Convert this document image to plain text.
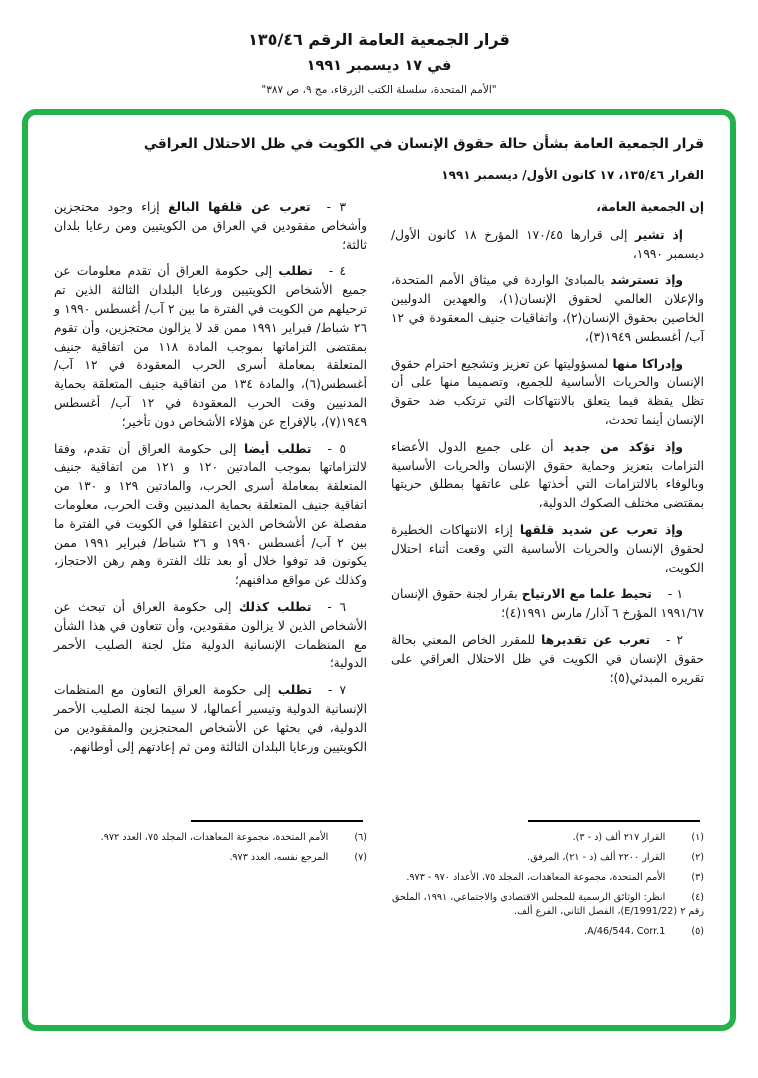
قرار الجمعية العامة الرقم ١٣٥/٤٦
في ١٧ ديسمبر ١٩٩١
"الأمم المتحدة، سلسلة الكتب الزرقاء، مج ٩، ص ٣٨٧"
قرار الجمعية العامة بشأن حالة حقوق الإنسان في الكويت في ظل الاحتلال العراقي
القرار ١٣٥/٤٦، ١٧ كانون الأول/ ديسمبر ١٩٩١

إن الجمعية العامة،

إذ تشير إلى قرارها ١٧٠/٤٥ المؤرخ ١٨ كانون الأول/ ديسمبر ١٩٩٠،

وإذ تسترشد بالمبادئ الواردة في ميثاق الأمم المتحدة، والإعلان العالمي لحقوق الإنسان(١)، والعهدين الدوليين الخاصين بحقوق الإنسان(٢)، واتفاقيات جنيف المعقودة في ١٢ آب/ أغسطس ١٩٤٩(٣)،

وإدراكا منها لمسؤوليتها عن تعزيز وتشجيع احترام حقوق الإنسان والحريات الأساسية للجميع، وتصميما منها على أن تظل يقظة فيما يتعلق بالانتهاكات التي ترتكب ضد حقوق الإنسان أينما تحدث،

وإذ تؤكد من جديد أن على جميع الدول الأعضاء التزامات بتعزيز وحماية حقوق الإنسان والحريات الأساسية وبالوفاء بالالتزامات التي أخذتها على عاتقها بمطلق حريتها بمقتضى مختلف الصكوك الدولية،

وإذ تعرب عن شديد قلقها إزاء الانتهاكات الخطيرة لحقوق الإنسان والحريات الأساسية التي وقعت أثناء احتلال الكويت،

١ -تحيط علما مع الارتياح بقرار لجنة حقوق الإنسان ١٩٩١/٦٧ المؤرخ ٦ آذار/ مارس ١٩٩١(٤)؛

٢ -تعرب عن تقديرها للمقرر الخاص المعني بحالة حقوق الإنسان في الكويت في ظل الاحتلال العراقي على تقريره المبدئي(٥)؛

(١)القرار ٢١٧ ألف (د - ٣).
(٢)القرار ٢٢٠٠ ألف (د - ٢١)، المرفق.
(٣)الأمم المتحدة، مجموعة المعاهدات، المجلد ٧٥، الأعداد ٩٧٠ - ٩٧٣.
(٤)انظر: الوثائق الرسمية للمجلس الاقتصادي والاجتماعي، ١٩٩١، الملحق رقم ٢ (E/1991/22)، الفصل الثاني، الفرع ألف.
(٥)A/46/544، Corr.1.

٣ -تعرب عن قلقها البالغ إزاء وجود محتجزين وأشخاص مفقودين في العراق من الكويتيين ومن رعايا بلدان ثالثة؛

٤ -تطلب إلى حكومة العراق أن تقدم معلومات عن جميع الأشخاص الكويتيين ورعايا البلدان الثالثة الذين تم ترحيلهم من الكويت في الفترة ما بين ٢ آب/ أغسطس ١٩٩٠ و ٢٦ شباط/ فبراير ١٩٩١ ممن قد لا يزالون محتجزين، وأن تقوم بمقتضى التزاماتها بموجب المادة ١١٨ من اتفاقية جنيف المتعلقة بمعاملة أسرى الحرب المعقودة في ١٢ آب/ أغسطس(٦)، والمادة ١٣٤ من اتفاقية جنيف المتعلقة بحماية المدنيين وقت الحرب المعقودة في ١٢ آب/ أغسطس ١٩٤٩(٧)، بالإفراج عن هؤلاء الأشخاص دون تأخير؛

٥ -تطلب أيضا إلى حكومة العراق أن تقدم، وفقا لالتزاماتها بموجب المادتين ١٢٠ و ١٢١ من اتفاقية جنيف المتعلقة بمعاملة أسرى الحرب، والمادتين ١٢٩ و ١٣٠ من اتفاقية جنيف المتعلقة بحماية المدنيين وقت الحرب، معلومات مفصلة عن الأشخاص الذين اعتقلوا في الكويت في الفترة ما بين ٢ آب/ أغسطس ١٩٩٠ و ٢٦ شباط/ فبراير ١٩٩١ ممن يكونون قد توفوا خلال أو بعد تلك الفترة وهم رهن الاحتجاز، وكذلك عن مواقع مدافنهم؛

٦ -تطلب كذلك إلى حكومة العراق أن تبحث عن الأشخاص الذين لا يزالون مفقودين، وأن تتعاون في هذا الشأن مع المنظمات الإنسانية الدولية مثل لجنة الصليب الأحمر الدولية؛

٧ -تطلب إلى حكومة العراق التعاون مع المنظمات الإنسانية الدولية وتيسير أعمالها، لا سيما لجنة الصليب الأحمر الدولية، في بحثها عن الأشخاص المحتجزين والمفقودين من الكويتيين ورعايا البلدان الثالثة ومن ثم إعادتهم إلى أوطانهم.

(٦)الأمم المتحدة، مجموعة المعاهدات، المجلد ٧٥، العدد ٩٧٢.
(٧)المرجع نفسه، العدد ٩٧٣.
